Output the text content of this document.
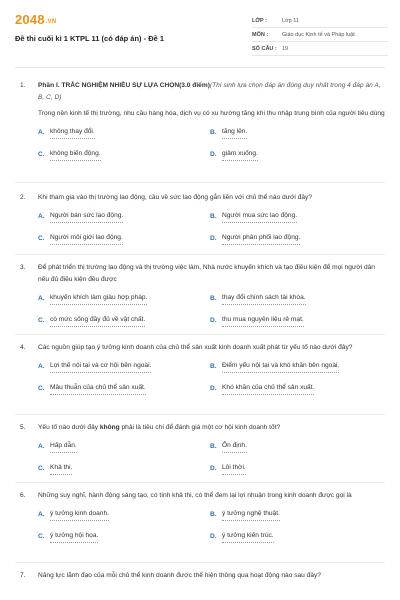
2048.VN
Đề thi cuối kì 1 KTPL 11 (có đáp án) - Đề 1
LỚP :	Lớp 11
MÔN :	Giáo dục Kinh tế và Pháp luật
SỐ CÂU : 19
1.	Phần I. TRẮC NGHIỆM NHIỀU SỰ LỰA CHỌN(3.0 điểm)(Thí sinh lựa chọn đáp án đúng duy nhất trong 4 đáp án A, B, C, D)
Trong nền kinh tế thị trường, nhu cầu hàng hóa, dịch vụ có xu hướng tăng khi thu nhập trung bình của người tiêu dùng
A. không thay đổi.	B. tăng lên.
C. không biến động.	D. giảm xuống.
2.	Khi tham gia vào thị trường lao động, cầu về sức lao động gắn liền với chủ thể nào dưới đây?
A. Người bán sức lao động.	B. Người mua sức lao động.
C. Người môi giới lao động.	D. Người phân phối lao động.
3.	Để phát triển thị trường lao động và thị trường việc làm, Nhà nước khuyến khích và tạo điều kiện để mọi người dân nếu đủ điều kiện đều được
A. khuyến khích làm giàu hợp pháp.	B. thay đổi chính sách tài khóa.
C. có mức sống đầy đủ về vật chất.	D. thu mua nguyên liệu rẻ mạt.
4.	Các nguồn giúp tạo ý tưởng kinh doanh của chủ thể sản xuất kinh doanh xuất phát từ yếu tố nào dưới đây?
A. Lợi thế nội tại và cơ hội bên ngoài.	B. Điểm yếu nội tại và khó khăn bên ngoài.
C. Mâu thuẫn của chủ thể sản xuất.	D. Khó khăn của chủ thể sản xuất.
5.	Yếu tố nào dưới đây không phải là tiêu chí để đánh giá một cơ hội kinh doanh tốt?
A. Hấp dẫn.	B. Ổn định.
C. Khả thi.	D. Lôi thời.
6.	Những suy nghĩ, hành động sáng tạo, có tính khả thi, có thể đem lại lợi nhuận trong kinh doanh được gọi là
A. ý tưởng kinh doanh.	B. ý tưởng nghệ thuật.
C. ý tưởng hội họa.	D. ý tưởng kiến trúc.
7.	Năng lực lãnh đạo của mỗi chủ thể kinh doanh được thể hiện thông qua hoạt động nào sau đây?
